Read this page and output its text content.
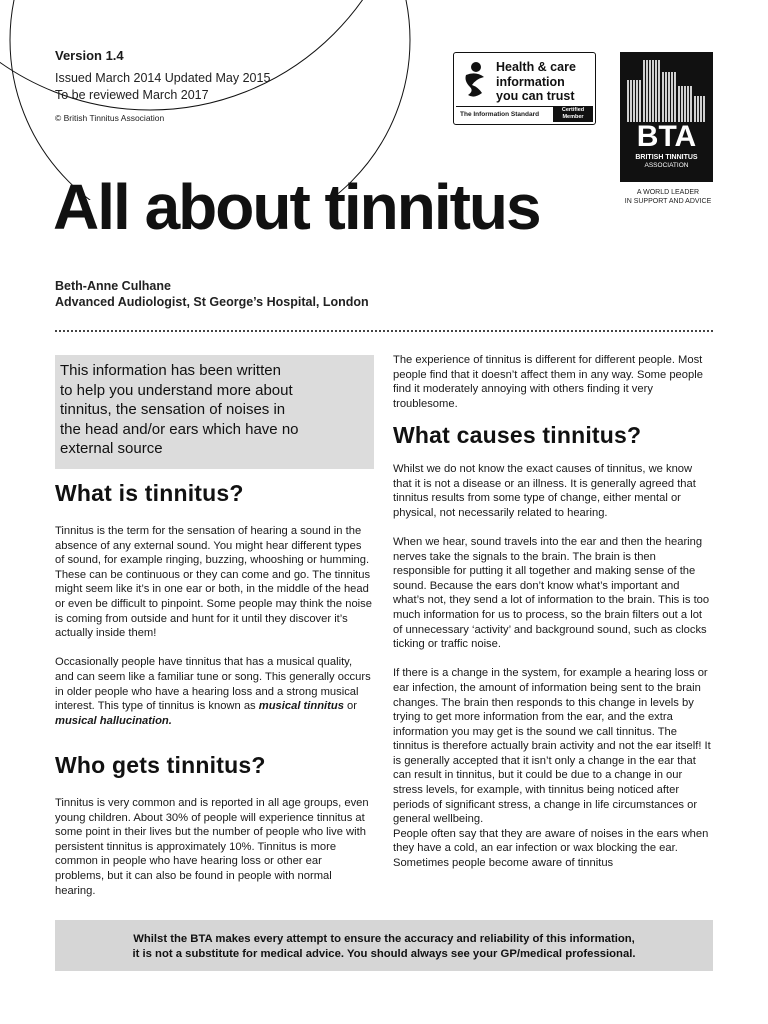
Version 1.4
Issued March 2014 Updated May 2015
To be reviewed March 2017
© British Tinnitus Association
Health & care
information
you can trust
The Information Standard
Certified
Member
BTA
BRITISH TINNITUS
ASSOCIATION
A WORLD LEADER
IN SUPPORT AND ADVICE
All about tinnitus
Beth-Anne Culhane
Advanced Audiologist, St George’s Hospital, London
This information has been written
to help you understand more about
tinnitus, the sensation of noises in
the head and/or ears which have no
external source
What is tinnitus?

Tinnitus is the term for the sensation of hearing a sound in the absence of any external sound. You might hear different types of sound, for example ringing, buzzing, whooshing or humming. These can be continuous or they can come and go. The tinnitus might seem like it’s in one ear or both, in the middle of the head or even be difficult to pinpoint. Some people may think the noise is coming from outside and hunt for it until they discover it’s actually inside them!

Occasionally people have tinnitus that has a musical quality, and can seem like a familiar tune or song. This generally occurs in older people who have a hearing loss and a strong musical interest. This type of tinnitus is known as musical tinnitus or musical hallucination.

Who gets tinnitus?

Tinnitus is very common and is reported in all age groups, even young children. About 30% of people will experience tinnitus at some point in their lives but the number of people who live with persistent tinnitus is approximately 10%. Tinnitus is more common in people who have hearing loss or other ear problems, but it can also be found in people with normal hearing.

The experience of tinnitus is different for different people. Most people find that it doesn’t affect them in any way. Some people find it moderately annoying with others finding it very troublesome.

What causes tinnitus?

Whilst we do not know the exact causes of tinnitus, we know that it is not a disease or an illness. It is generally agreed that tinnitus results from some type of change, either mental or physical, not necessarily related to hearing.

When we hear, sound travels into the ear and then the hearing nerves take the signals to the brain. The brain is then responsible for putting it all together and making sense of the sound. Because the ears don’t know what’s important and what’s not, they send a lot of information to the brain. This is too much information for us to process, so the brain filters out a lot of unnecessary ‘activity’ and background sound, such as clocks ticking or traffic noise.

If there is a change in the system, for example a hearing loss or ear infection, the amount of information being sent to the brain changes. The brain then responds to this change in levels by trying to get more information from the ear, and the extra information you may get is the sound we call tinnitus. The tinnitus is therefore actually brain activity and not the ear itself! It is generally accepted that it isn’t only a change in the ear that can result in tinnitus, but it could be due to a change in our stress levels, for example, with tinnitus being noticed after periods of significant stress, a change in life circumstances or general wellbeing.

People often say that they are aware of noises in the ears when they have a cold, an ear infection or wax blocking the ear. Sometimes people become aware of tinnitus

Whilst the BTA makes every attempt to ensure the accuracy and reliability of this information,
it is not a substitute for medical advice. You should always see your GP/medical professional.
